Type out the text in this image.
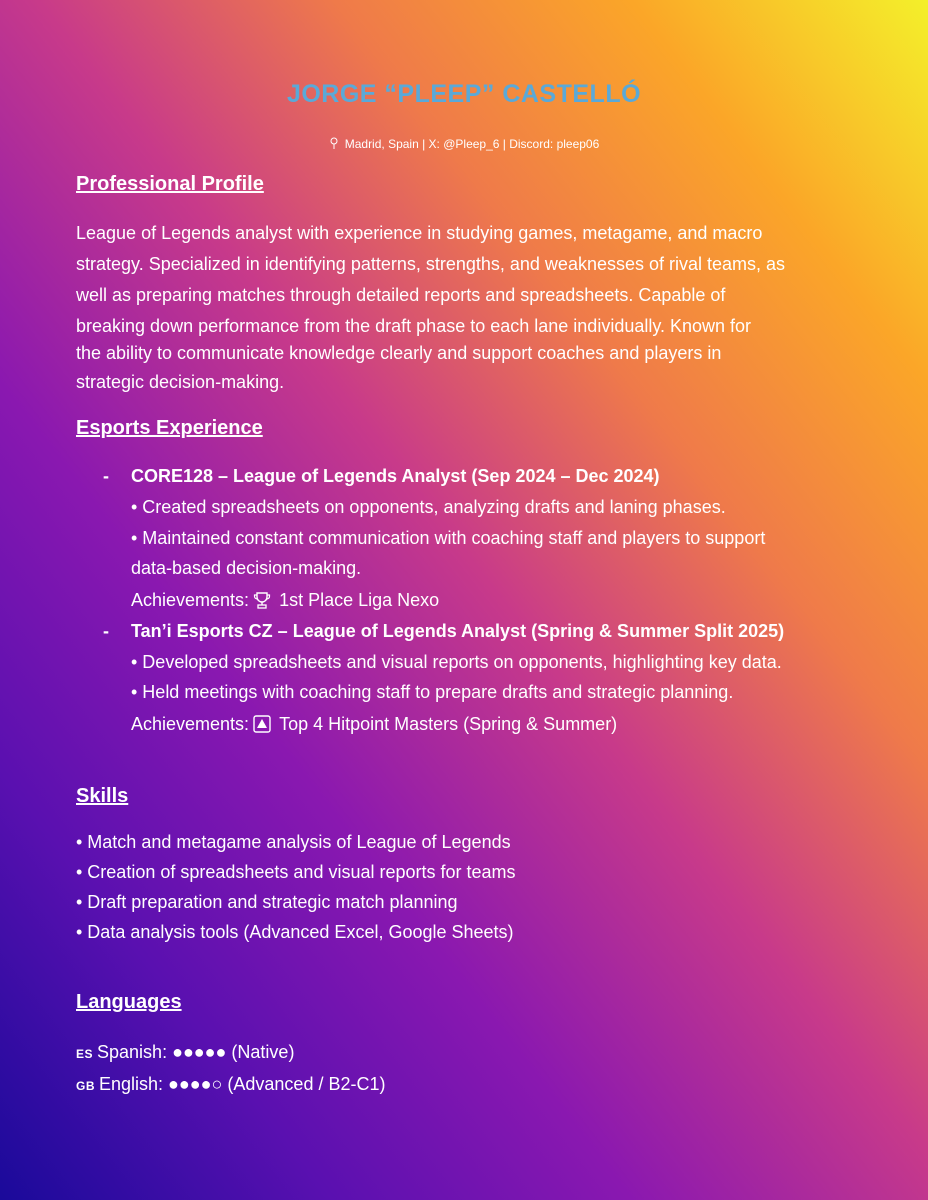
JORGE “PLEEP” CASTELLÓ
Madrid, Spain | X: @Pleep_6 | Discord: pleep06
Professional Profile
League of Legends analyst with experience in studying games, metagame, and macro
strategy. Specialized in identifying patterns, strengths, and weaknesses of rival teams, as
well as preparing matches through detailed reports and spreadsheets. Capable of
breaking down performance from the draft phase to each lane individually. Known for
the ability to communicate knowledge clearly and support coaches and players in
strategic decision-making.
Esports Experience
- CORE128 – League of Legends Analyst (Sep 2024 – Dec 2024)
• Created spreadsheets on opponents, analyzing drafts and laning phases.
• Maintained constant communication with coaching staff and players to support
data-based decision-making.
Achievements: 1st Place Liga Nexo
- Tan’i Esports CZ – League of Legends Analyst (Spring & Summer Split 2025)
• Developed spreadsheets and visual reports on opponents, highlighting key data.
• Held meetings with coaching staff to prepare drafts and strategic planning.
Achievements: Top 4 Hitpoint Masters (Spring & Summer)
Skills
• Match and metagame analysis of League of Legends
• Creation of spreadsheets and visual reports for teams
• Draft preparation and strategic match planning
• Data analysis tools (Advanced Excel, Google Sheets)
Languages
ES Spanish: ●●●●● (Native)
GB English: ●●●●○ (Advanced / B2-C1)
